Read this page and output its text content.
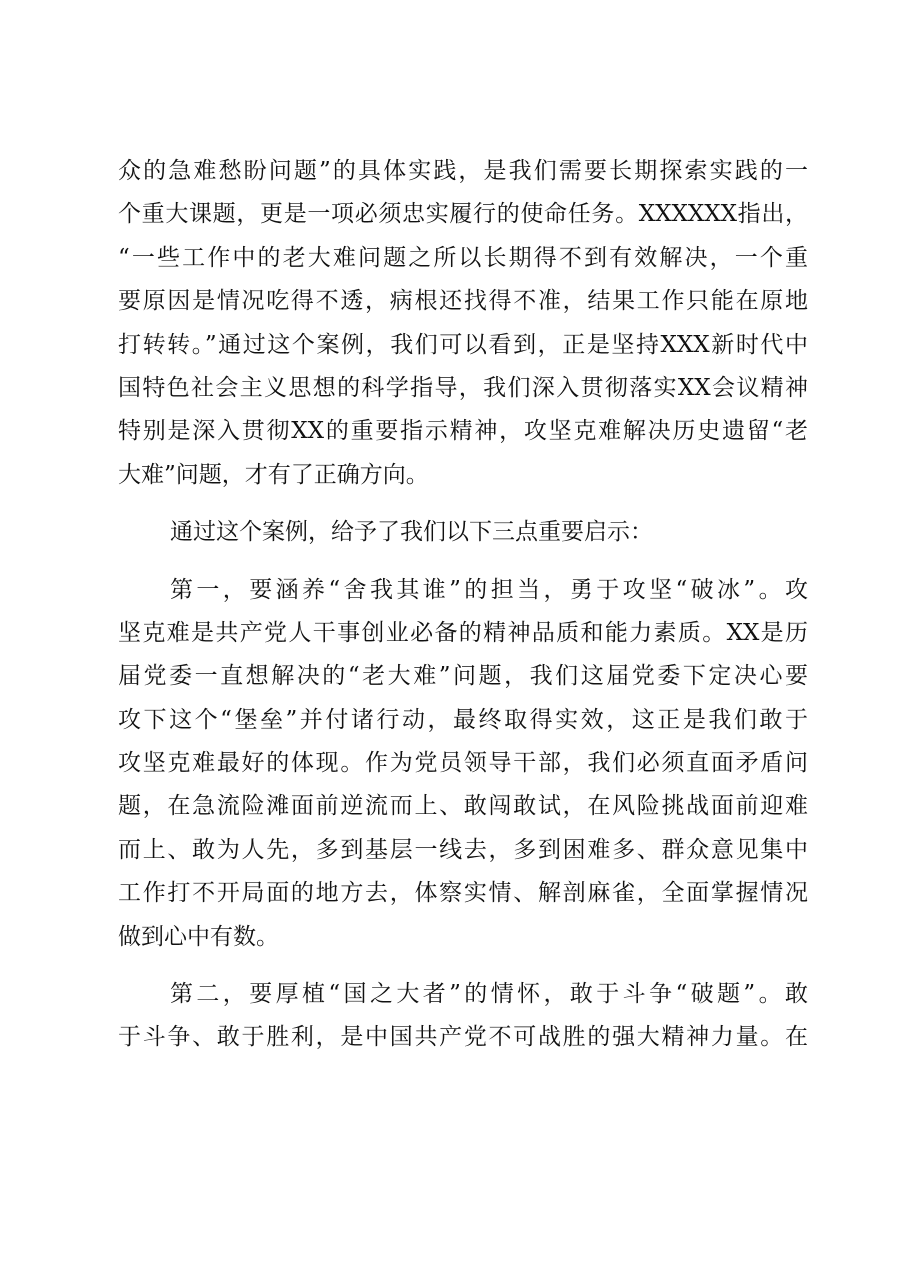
众的急难愁盼问题”的具体实践，是我们需要长期探索实践的一
个重大课题，更是一项必须忠实履行的使命任务。XXXXXX指出，
“一些工作中的老大难问题之所以长期得不到有效解决，一个重
要原因是情况吃得不透，病根还找得不准，结果工作只能在原地
打转转。”通过这个案例，我们可以看到，正是坚持XXX新时代中
国特色社会主义思想的科学指导，我们深入贯彻落实XX会议精神
特别是深入贯彻XX的重要指示精神，攻坚克难解决历史遗留“老
大难”问题，才有了正确方向。
通过这个案例，给予了我们以下三点重要启示：
第一，要涵养“舍我其谁”的担当，勇于攻坚“破冰”。攻
坚克难是共产党人干事创业必备的精神品质和能力素质。XX是历
届党委一直想解决的“老大难”问题，我们这届党委下定决心要
攻下这个“堡垒”并付诸行动，最终取得实效，这正是我们敢于
攻坚克难最好的体现。作为党员领导干部，我们必须直面矛盾问
题，在急流险滩面前逆流而上、敢闯敢试，在风险挑战面前迎难
而上、敢为人先，多到基层一线去，多到困难多、群众意见集中
工作打不开局面的地方去，体察实情、解剖麻雀，全面掌握情况
做到心中有数。
第二，要厚植“国之大者”的情怀，敢于斗争“破题”。敢
于斗争、敢于胜利，是中国共产党不可战胜的强大精神力量。在
